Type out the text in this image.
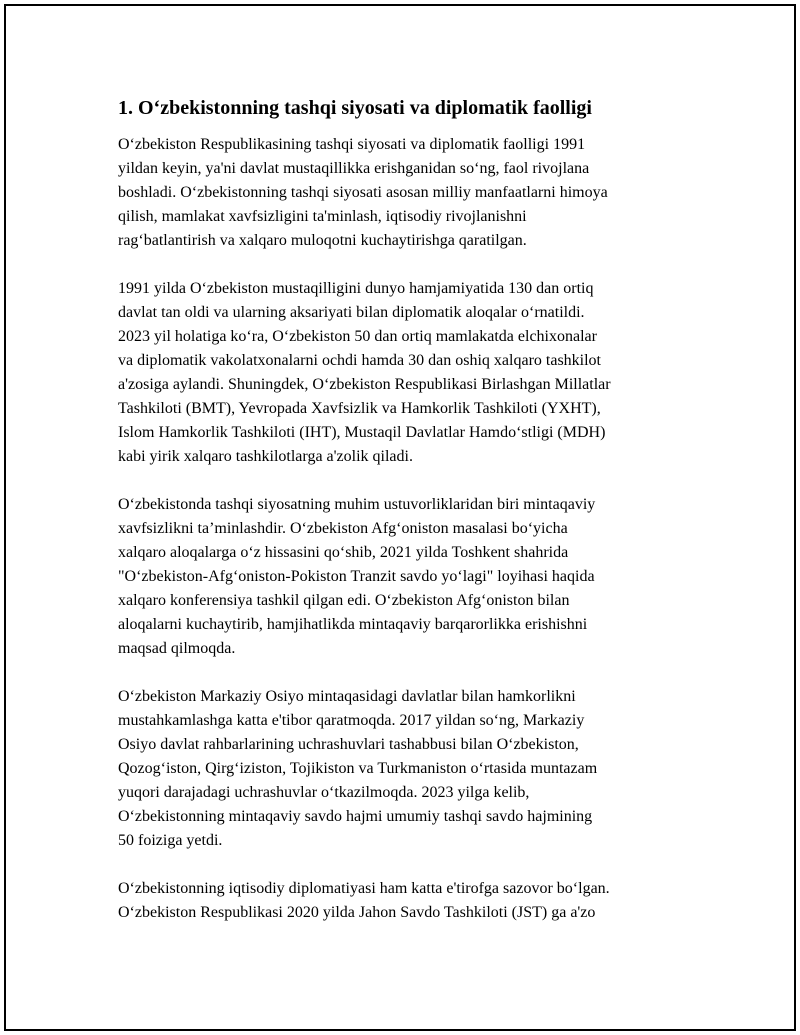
1. O‘zbekistonning tashqi siyosati va diplomatik faolligi

O‘zbekiston Respublikasining tashqi siyosati va diplomatik faolligi 1991
yildan keyin, ya'ni davlat mustaqillikka erishganidan so‘ng, faol rivojlana
boshladi. O‘zbekistonning tashqi siyosati asosan milliy manfaatlarni himoya
qilish, mamlakat xavfsizligini ta'minlash, iqtisodiy rivojlanishni
rag‘batlantirish va xalqaro muloqotni kuchaytirishga qaratilgan.

1991 yilda O‘zbekiston mustaqilligini dunyo hamjamiyatida 130 dan ortiq
davlat tan oldi va ularning aksariyati bilan diplomatik aloqalar o‘rnatildi.
2023 yil holatiga ko‘ra, O‘zbekiston 50 dan ortiq mamlakatda elchixonalar
va diplomatik vakolatxonalarni ochdi hamda 30 dan oshiq xalqaro tashkilot
a'zosiga aylandi. Shuningdek, O‘zbekiston Respublikasi Birlashgan Millatlar
Tashkiloti (BMT), Yevropada Xavfsizlik va Hamkorlik Tashkiloti (YXHT),
Islom Hamkorlik Tashkiloti (IHT), Mustaqil Davlatlar Hamdo‘stligi (MDH)
kabi yirik xalqaro tashkilotlarga a'zolik qiladi.

O‘zbekistonda tashqi siyosatning muhim ustuvorliklaridan biri mintaqaviy
xavfsizlikni ta’minlashdir. O‘zbekiston Afg‘oniston masalasi bo‘yicha
xalqaro aloqalarga o‘z hissasini qo‘shib, 2021 yilda Toshkent shahrida
"O‘zbekiston-Afg‘oniston-Pokiston Tranzit savdo yo‘lagi" loyihasi haqida
xalqaro konferensiya tashkil qilgan edi. O‘zbekiston Afg‘oniston bilan
aloqalarni kuchaytirib, hamjihatlikda mintaqaviy barqarorlikka erishishni
maqsad qilmoqda.

O‘zbekiston Markaziy Osiyo mintaqasidagi davlatlar bilan hamkorlikni
mustahkamlashga katta e'tibor qaratmoqda. 2017 yildan so‘ng, Markaziy
Osiyo davlat rahbarlarining uchrashuvlari tashabbusi bilan O‘zbekiston,
Qozog‘iston, Qirg‘iziston, Tojikiston va Turkmaniston o‘rtasida muntazam
yuqori darajadagi uchrashuvlar o‘tkazilmoqda. 2023 yilga kelib,
O‘zbekistonning mintaqaviy savdo hajmi umumiy tashqi savdo hajmining
50 foiziga yetdi.

O‘zbekistonning iqtisodiy diplomatiyasi ham katta e'tirofga sazovor bo‘lgan.
O‘zbekiston Respublikasi 2020 yilda Jahon Savdo Tashkiloti (JST) ga a'zo
